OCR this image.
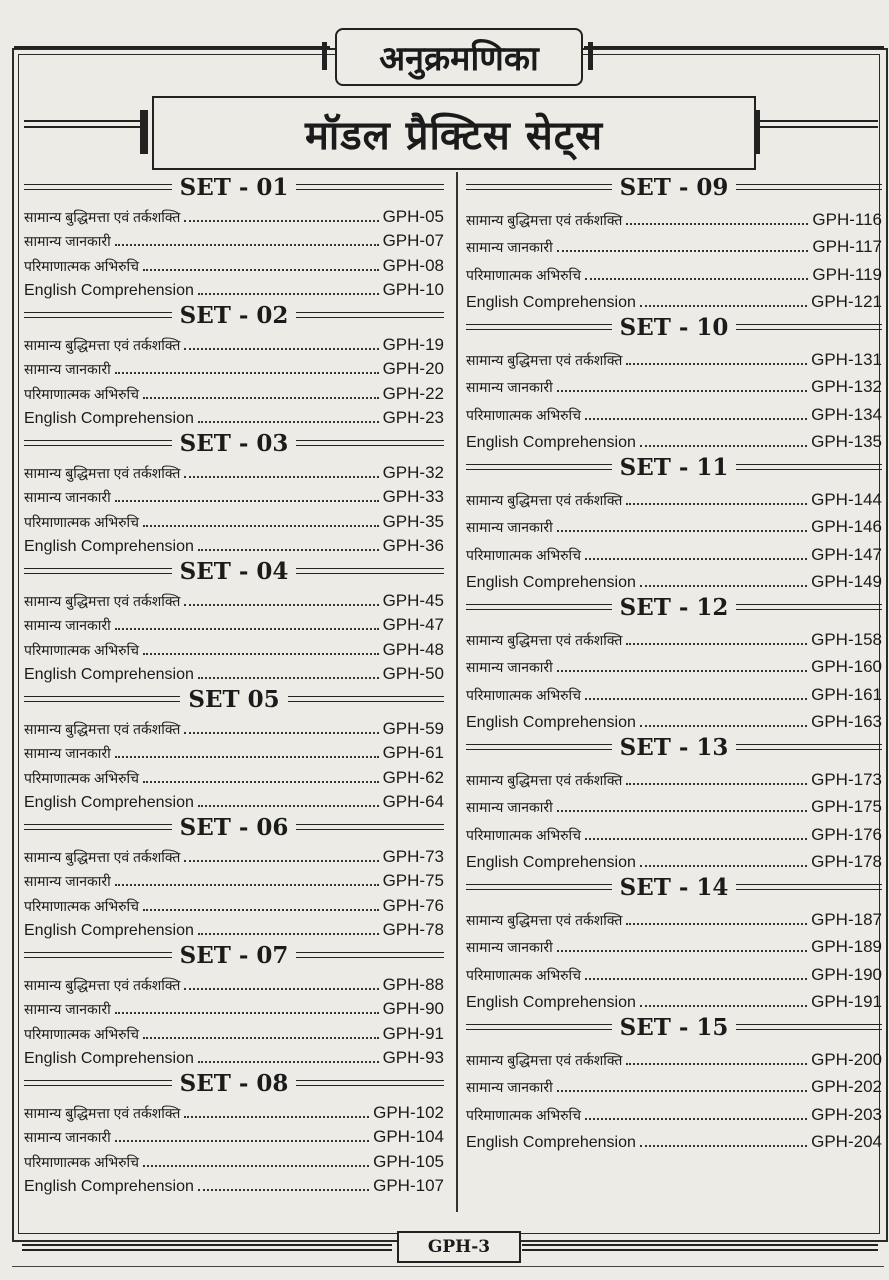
अनुक्रमणिका
मॉडल प्रैक्टिस सेट्स
SET - 01
सामान्य बुद्धिमत्ता एवं तर्कशक्ति	GPH-05
सामान्य जानकारी	GPH-07
परिमाणात्मक अभिरुचि	GPH-08
English Comprehension	GPH-10
SET - 02
सामान्य बुद्धिमत्ता एवं तर्कशक्ति	GPH-19
सामान्य जानकारी	GPH-20
परिमाणात्मक अभिरुचि	GPH-22
English Comprehension	GPH-23
SET - 03
सामान्य बुद्धिमत्ता एवं तर्कशक्ति	GPH-32
सामान्य जानकारी	GPH-33
परिमाणात्मक अभिरुचि	GPH-35
English Comprehension	GPH-36
SET - 04
सामान्य बुद्धिमत्ता एवं तर्कशक्ति	GPH-45
सामान्य जानकारी	GPH-47
परिमाणात्मक अभिरुचि	GPH-48
English Comprehension	GPH-50
SET 05
सामान्य बुद्धिमत्ता एवं तर्कशक्ति	GPH-59
सामान्य जानकारी	GPH-61
परिमाणात्मक अभिरुचि	GPH-62
English Comprehension	GPH-64
SET - 06
सामान्य बुद्धिमत्ता एवं तर्कशक्ति	GPH-73
सामान्य जानकारी	GPH-75
परिमाणात्मक अभिरुचि	GPH-76
English Comprehension	GPH-78
SET - 07
सामान्य बुद्धिमत्ता एवं तर्कशक्ति	GPH-88
सामान्य जानकारी	GPH-90
परिमाणात्मक अभिरुचि	GPH-91
English Comprehension	GPH-93
SET - 08
सामान्य बुद्धिमत्ता एवं तर्कशक्ति	GPH-102
सामान्य जानकारी	GPH-104
परिमाणात्मक अभिरुचि	GPH-105
English Comprehension	GPH-107
SET - 09
सामान्य बुद्धिमत्ता एवं तर्कशक्ति	GPH-116
सामान्य जानकारी	GPH-117
परिमाणात्मक अभिरुचि	GPH-119
English Comprehension	GPH-121
SET - 10
सामान्य बुद्धिमत्ता एवं तर्कशक्ति	GPH-131
सामान्य जानकारी	GPH-132
परिमाणात्मक अभिरुचि	GPH-134
English Comprehension	GPH-135
SET - 11
सामान्य बुद्धिमत्ता एवं तर्कशक्ति	GPH-144
सामान्य जानकारी	GPH-146
परिमाणात्मक अभिरुचि	GPH-147
English Comprehension	GPH-149
SET - 12
सामान्य बुद्धिमत्ता एवं तर्कशक्ति	GPH-158
सामान्य जानकारी	GPH-160
परिमाणात्मक अभिरुचि	GPH-161
English Comprehension	GPH-163
SET - 13
सामान्य बुद्धिमत्ता एवं तर्कशक्ति	GPH-173
सामान्य जानकारी	GPH-175
परिमाणात्मक अभिरुचि	GPH-176
English Comprehension	GPH-178
SET - 14
सामान्य बुद्धिमत्ता एवं तर्कशक्ति	GPH-187
सामान्य जानकारी	GPH-189
परिमाणात्मक अभिरुचि	GPH-190
English Comprehension	GPH-191
SET - 15
सामान्य बुद्धिमत्ता एवं तर्कशक्ति	GPH-200
सामान्य जानकारी	GPH-202
परिमाणात्मक अभिरुचि	GPH-203
English Comprehension	GPH-204
GPH-3
